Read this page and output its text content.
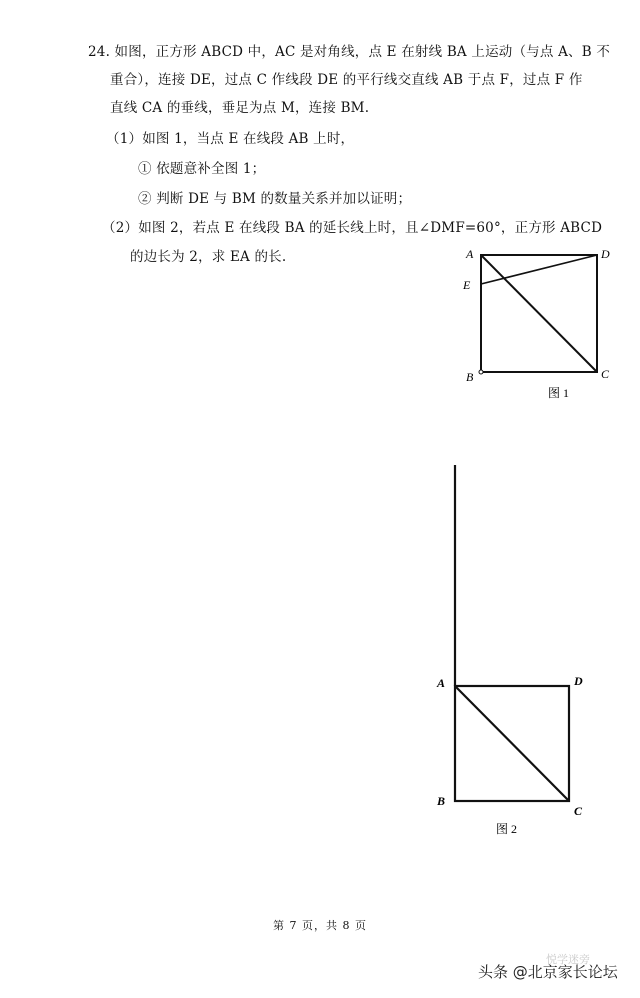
24. 如图，正方形 ABCD 中，AC 是对角线，点 E 在射线 BA 上运动（与点 A、B 不
重合），连接 DE，过点 C 作线段 DE 的平行线交直线 AB 于点 F，过点 F 作
直线 CA 的垂线，垂足为点 M，连接 BM.
（1）如图 1，当点 E 在线段 AB 上时，
① 依题意补全图 1；
② 判断 DE 与 BM 的数量关系并加以证明；
（2）如图 2，若点 E 在线段 BA 的延长线上时，且∠DMF=60°，正方形 ABCD
的边长为 2，求 EA 的长.	A	D
E
B	C
图 1
A	D
B
C
图 2
第 7 页，共 8 页
悦学迷旁
头条 @北京家长论坛
